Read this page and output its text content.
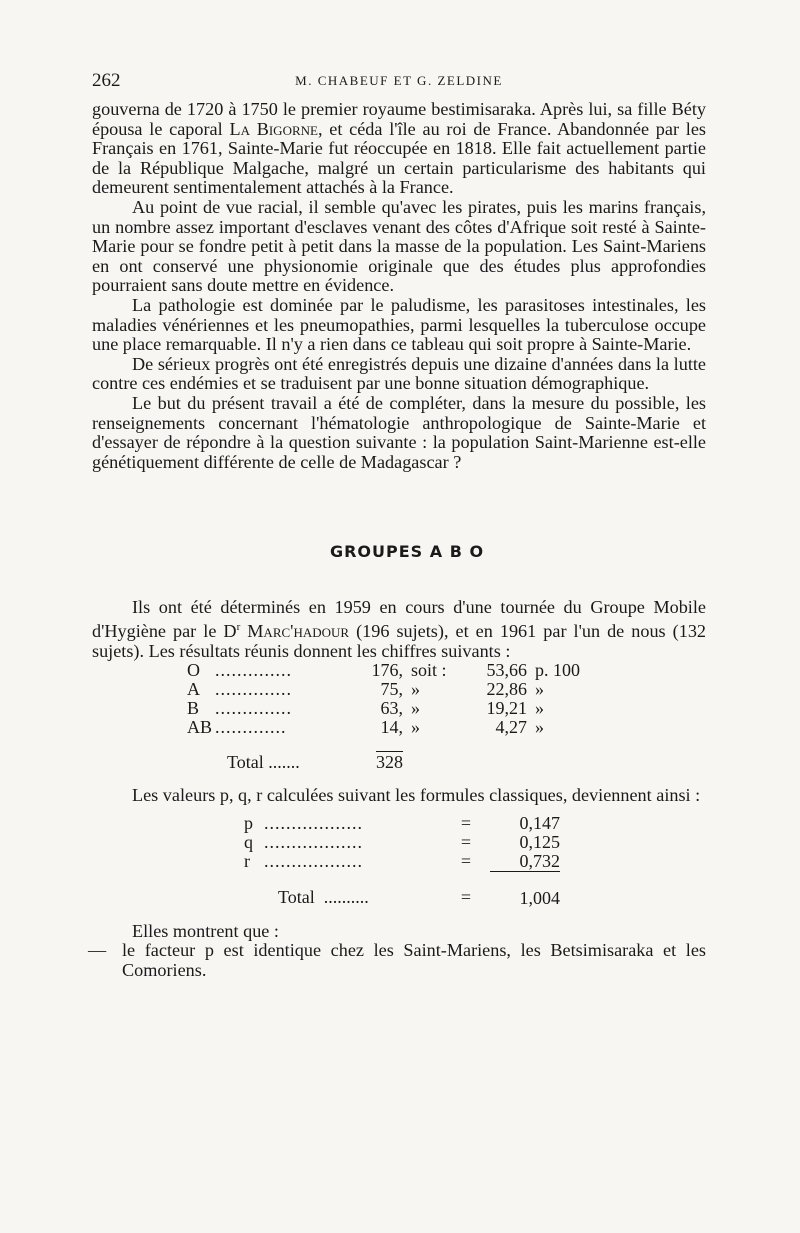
262	M. CHABEUF ET G. ZELDINE

gouverna de 1720 à 1750 le premier royaume bestimisaraka. Après lui, sa fille Béty épousa le caporal La Bigorne, et céda l'île au roi de France. Abandonnée par les Français en 1761, Sainte-Marie fut réoccupée en 1818. Elle fait actuellement partie de la République Malgache, malgré un certain particularisme des habitants qui demeurent sentimentalement attachés à la France.

Au point de vue racial, il semble qu'avec les pirates, puis les marins français, un nombre assez important d'esclaves venant des côtes d'Afrique soit resté à Sainte-Marie pour se fondre petit à petit dans la masse de la population. Les Saint-Mariens en ont conservé une physionomie originale que des études plus approfondies pourraient sans doute mettre en évidence.

La pathologie est dominée par le paludisme, les parasitoses intestinales, les maladies vénériennes et les pneumopathies, parmi lesquelles la tuberculose occupe une place remarquable. Il n'y a rien dans ce tableau qui soit propre à Sainte-Marie.

De sérieux progrès ont été enregistrés depuis une dizaine d'années dans la lutte contre ces endémies et se traduisent par une bonne situation démographique.

Le but du présent travail a été de compléter, dans la mesure du possible, les renseignements concernant l'hématologie anthropologique de Sainte-Marie et d'essayer de répondre à la question suivante : la population Saint-Marienne est-elle génétiquement différente de celle de Madagascar ?

GROUPES A B O

Ils ont été déterminés en 1959 en cours d'une tournée du Groupe Mobile d'Hygiène par le $D^r$ Marc'hadour (196 sujets), et en 1961 par l'un de nous (132 sujets). Les résultats réunis donnent les chiffres suivants :

O	..............	176,	soit :	53,66	p. 100
A	..............	75,	»	22,86	»
B	..............	63,	»	19,21	»
AB	.............	14,	»	4,27	»
Total .......		328			

Les valeurs p, q, r calculées suivant les formules classiques, deviennent ainsi :

p	..................	=	0,147
q	..................	=	0,125
r	..................	=	0,732
Total ..........		=	1,004

Elles montrent que :

— le facteur p est identique chez les Saint-Mariens, les Betsimisaraka et les Comoriens.
